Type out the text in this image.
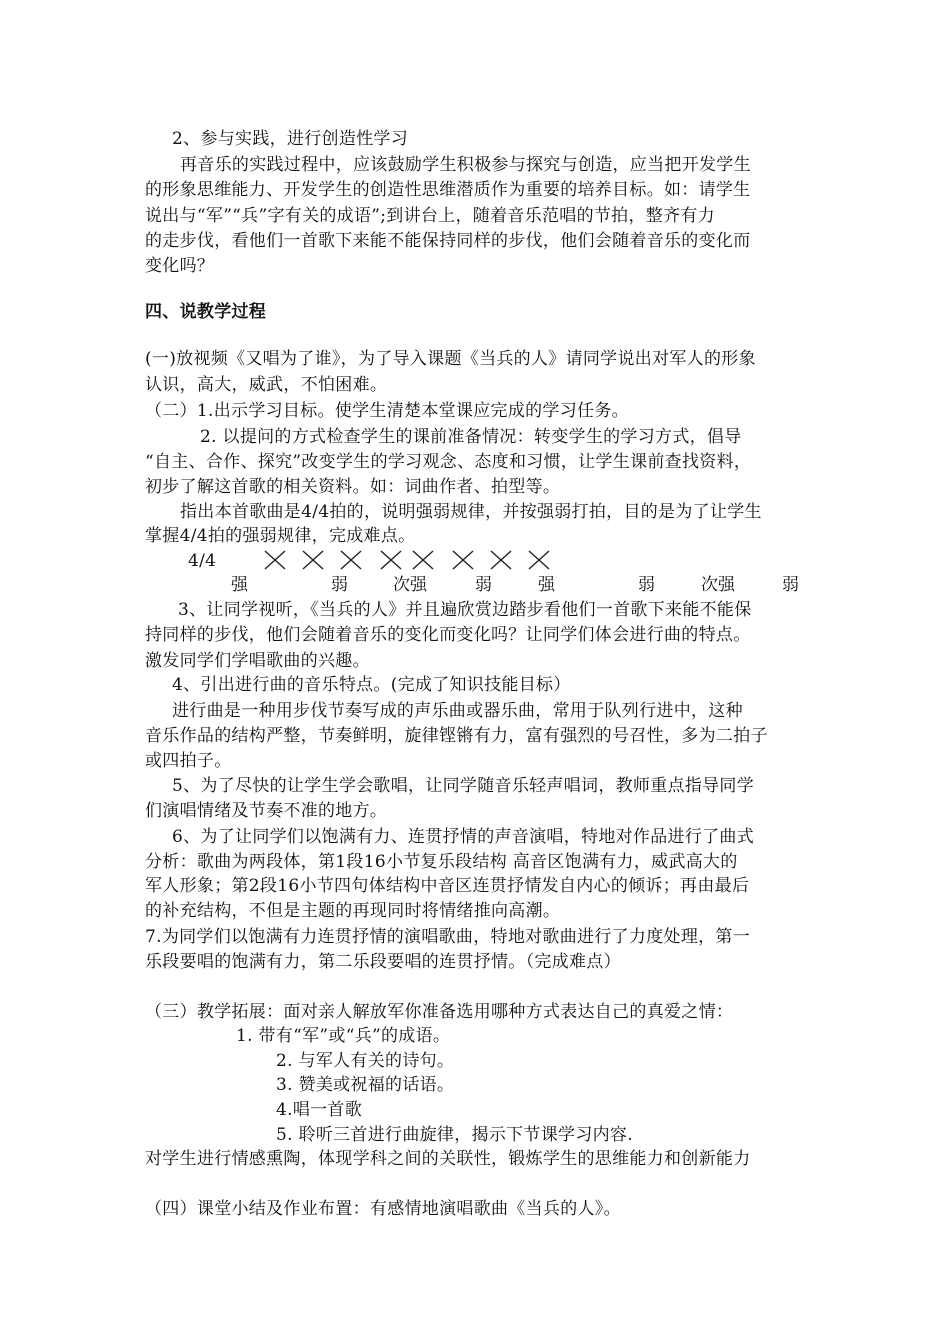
2、参与实践，进行创造性学习
再音乐的实践过程中，应该鼓励学生积极参与探究与创造，应当把开发学生
的形象思维能力、开发学生的创造性思维潜质作为重要的培养目标。如：请学生
说出与“军”“兵”字有关的成语”;到讲台上，随着音乐范唱的节拍，整齐有力
的走步伐，看他们一首歌下来能不能保持同样的步伐，他们会随着音乐的变化而
变化吗？
四、说教学过程
(一)放视频《又唱为了谁》，为了导入课题《当兵的人》请同学说出对军人的形象
认识，高大，威武，不怕困难。
（二）1.出示学习目标。使学生清楚本堂课应完成的学习任务。
2. 以提问的方式检查学生的课前准备情况：转变学生的学习方式，倡导
“自主、合作、探究”改变学生的学习观念、态度和习惯，让学生课前查找资料，
初步了解这首歌的相关资料。如：词曲作者、拍型等。
指出本首歌曲是4/4拍的，说明强弱规律，并按强弱打拍，目的是为了让学生
掌握4/4拍的强弱规律，完成难点。
4/4
强	弱	次强	弱	强	弱	次强	弱
3、让同学视听，《当兵的人》并且遍欣赏边踏步看他们一首歌下来能不能保
持同样的步伐，他们会随着音乐的变化而变化吗？让同学们体会进行曲的特点。
激发同学们学唱歌曲的兴趣。
4、引出进行曲的音乐特点。(完成了知识技能目标）
进行曲是一种用步伐节奏写成的声乐曲或器乐曲，常用于队列行进中，这种
音乐作品的结构严整，节奏鲜明，旋律铿锵有力，富有强烈的号召性，多为二拍子
或四拍子。
5、为了尽快的让学生学会歌唱，让同学随音乐轻声唱词，教师重点指导同学
们演唱情绪及节奏不准的地方。
6、为了让同学们以饱满有力、连贯抒情的声音演唱，特地对作品进行了曲式
分析：歌曲为两段体，第1段16小节复乐段结构 高音区饱满有力，威武高大的
军人形象；第2段16小节四句体结构中音区连贯抒情发自内心的倾诉；再由最后
的补充结构，不但是主题的再现同时将情绪推向高潮。
7.为同学们以饱满有力连贯抒情的演唱歌曲，特地对歌曲进行了力度处理，第一
乐段要唱的饱满有力，第二乐段要唱的连贯抒情。（完成难点）
（三）教学拓展：面对亲人解放军你准备选用哪种方式表达自己的真爱之情：
1. 带有“军”或“兵”的成语。
2. 与军人有关的诗句。
3. 赞美或祝福的话语。
4.唱一首歌
5. 聆听三首进行曲旋律，揭示下节课学习内容.
对学生进行情感熏陶，体现学科之间的关联性，锻炼学生的思维能力和创新能力
（四）课堂小结及作业布置：有感情地演唱歌曲《当兵的人》。
